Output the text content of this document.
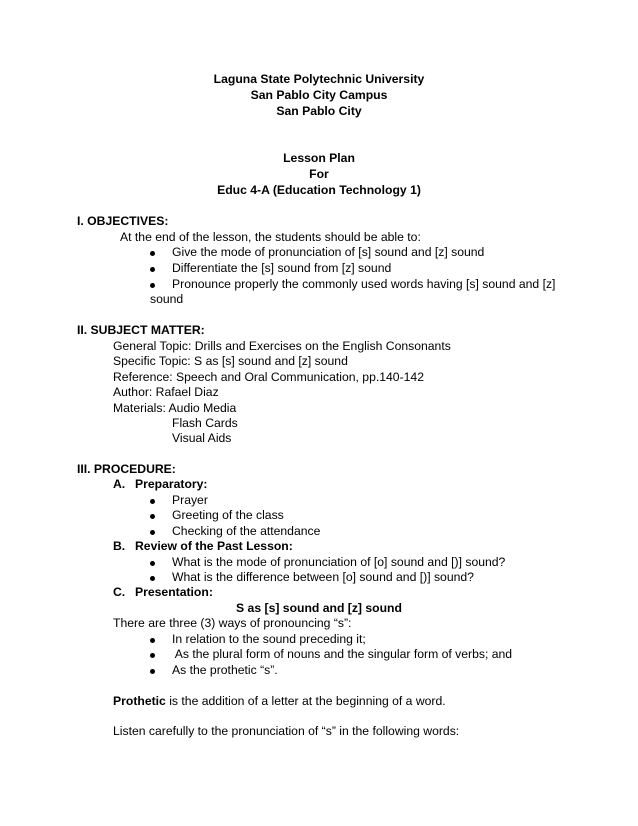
Laguna State Polytechnic University
San Pablo City Campus
San Pablo City
Lesson Plan
For
Educ 4-A (Education Technology 1)
I. OBJECTIVES:
At the end of the lesson, the students should be able to:
Give the mode of pronunciation of [s] sound and [z] sound
Differentiate the [s] sound from [z] sound
Pronounce properly the commonly used words having [s] sound and [z]
sound
II. SUBJECT MATTER:
General Topic: Drills and Exercises on the English Consonants
Specific Topic: S as [s] sound and [z] sound
Reference: Speech and Oral Communication, pp.140-142
Author: Rafael Diaz
Materials: Audio Media
Flash Cards
Visual Aids
III. PROCEDURE:
A. Preparatory:
Prayer
Greeting of the class
Checking of the attendance
B. Review of the Past Lesson:
What is the mode of pronunciation of [o] sound and [)] sound?
What is the difference between [o] sound and [)] sound?
C. Presentation:
S as [s] sound and [z] sound
There are three (3) ways of pronouncing “s”:
In relation to the sound preceding it;
As the plural form of nouns and the singular form of verbs; and
As the prothetic “s”.
Prothetic is the addition of a letter at the beginning of a word.
Listen carefully to the pronunciation of “s” in the following words:
